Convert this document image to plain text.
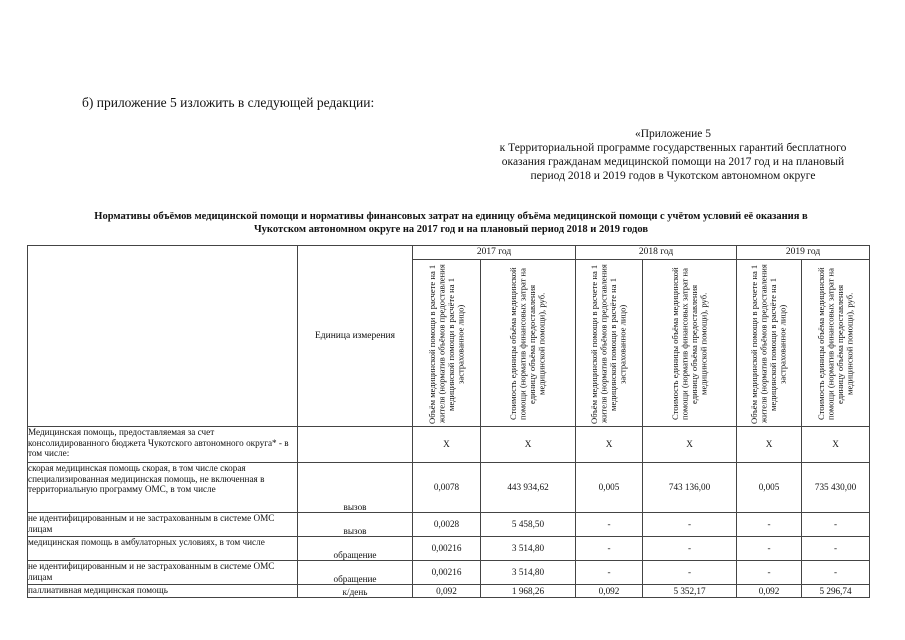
б) приложение 5 изложить в следующей редакции:
«Приложение 5
к Территориальной программе государственных гарантий бесплатного
оказания гражданам медицинской помощи на 2017 год и на плановый
период 2018 и 2019 годов в Чукотском автономном округе
Нормативы объёмов медицинской помощи и нормативы финансовых затрат на единицу объёма медицинской помощи с учётом условий её оказания в
Чукотском автономном округе на 2017 год и на плановый период 2018 и 2019 годов
	Единица измерения	2017 год		2018 год		2019 год	
		Объём медицинской помощи в расчете на 1 жителя (норматив объёмов предоставления медицинской помощи в расчёте на 1 застрахованное лицо)	Стоимость единицы объёма медицинской помощи (норматив финансовых затрат на единицу объёма предоставления медицинской помощи), руб.	Объём медицинской помощи в расчете на 1 жителя (норматив объёмов предоставления медицинской помощи в расчёте на 1 застрахованное лицо)	Стоимость единицы объёма медицинской помощи (норматив финансовых затрат на единицу объёма предоставления медицинской помощи), руб.	Объём медицинской помощи в расчете на 1 жителя (норматив объёмов предоставления медицинской помощи в расчёте на 1 застрахованное лицо)	Стоимость единицы объёма медицинской помощи (норматив финансовых затрат на единицу объёма предоставления медицинской помощи), руб.
Медицинская помощь, предоставляемая за счет консолидированного бюджета Чукотского автономного округа* - в том числе:		X	X	X	X	X	X
скорая медицинская помощь скорая, в том числе скорая специализированная медицинская помощь, не включенная в территориальную программу ОМС, в том числе	вызов	0,0078	443 934,62	0,005	743 136,00	0,005	735 430,00
не идентифицированным и не застрахованным в системе ОМС лицам	вызов	0,0028	5 458,50	-	-	-	-
медицинская помощь в амбулаторных условиях, в том числе	обращение	0,00216	3 514,80	-	-	-	-
не идентифицированным и не застрахованным в системе ОМС лицам	обращение	0,00216	3 514,80	-	-	-	-
паллиативная медицинская помощь	к/день	0,092	1 968,26	0,092	5 352,17	0,092	5 296,74
